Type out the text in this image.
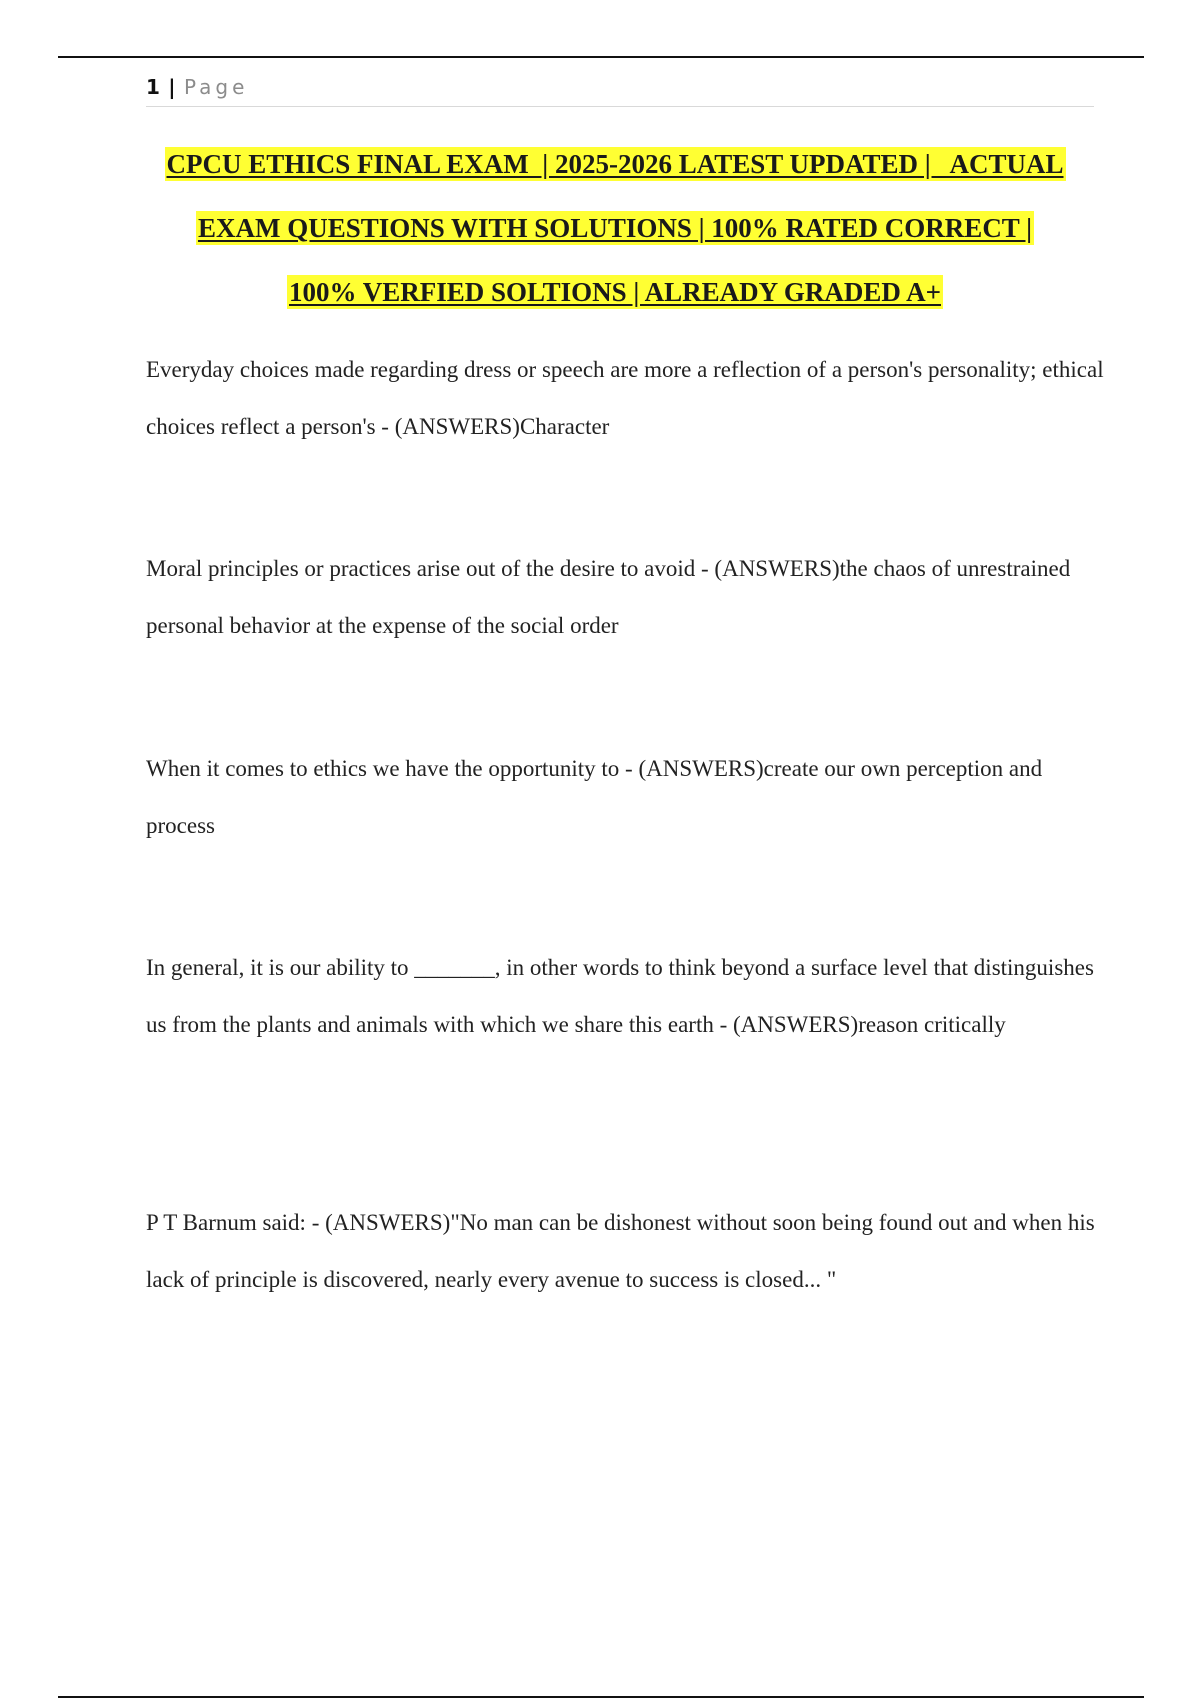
1 | Page
CPCU ETHICS FINAL EXAM  | 2025-2026 LATEST UPDATED |   ACTUAL
EXAM QUESTIONS WITH SOLUTIONS | 100% RATED CORRECT |
100% VERFIED SOLTIONS | ALREADY GRADED A+

Everyday choices made regarding dress or speech are more a reflection of a person's personality; ethical choices reflect a person's - (ANSWERS)Character

Moral principles or practices arise out of the desire to avoid - (ANSWERS)the chaos of unrestrained personal behavior at the expense of the social order

When it comes to ethics we have the opportunity to - (ANSWERS)create our own perception and process

In general, it is our ability to _______, in other words to think beyond a surface level that distinguishes us from the plants and animals with which we share this earth - (ANSWERS)reason critically

P T Barnum said: - (ANSWERS)"No man can be dishonest without soon being found out and when his lack of principle is discovered, nearly every avenue to success is closed... "
